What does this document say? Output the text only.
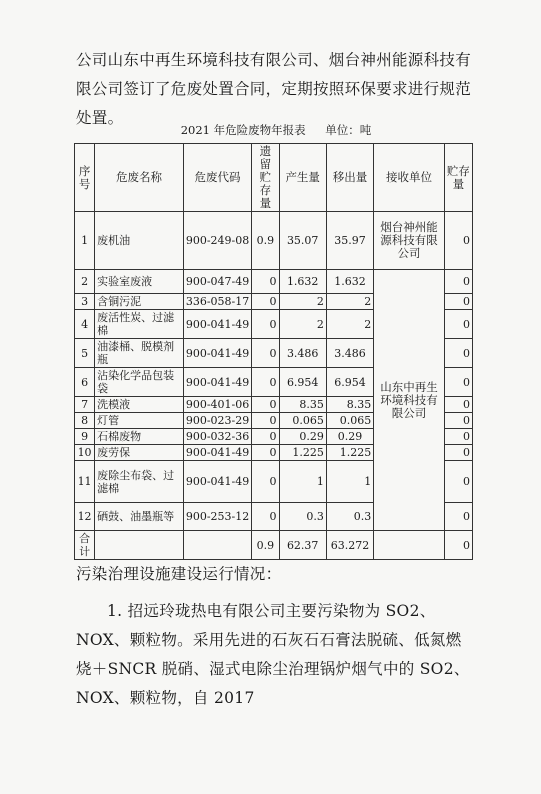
公司山东中再生环境科技有限公司、烟台神州能源科技有限公司签订了危废处置合同，定期按照环保要求进行规范处置。

2021 年危险废物年报表 单位：吨
序号	危废名称	危废代码	遗留贮存量	产生量	移出量	接收单位	贮存量
1	废机油	900-249-08	0.9	35.07	35.97	烟台神州能源科技有限公司	0
2	实验室废液	900-047-49	0	1.632	1.632	山东中再生环境科技有限公司	0
3	含铜污泥	336-058-17	0	2	2		0
4	废活性炭、过滤棉	900-041-49	0	2	2		0
5	油漆桶、脱模剂瓶	900-041-49	0	3.486	3.486		0
6	沾染化学品包装袋	900-041-49	0	6.954	6.954		0
7	洗模液	900-401-06	0	8.35	8.35		0
8	灯管	900-023-29	0	0.065	0.065		0
9	石棉废物	900-032-36	0	0.29	0.29		0
10	废劳保	900-041-49	0	1.225	1.225		0
11	废除尘布袋、过滤棉	900-041-49	0	1	1		0
12	硒鼓、油墨瓶等	900-253-12	0	0.3	0.3		0
合计			0.9	62.37	63.272		0

污染治理设施建设运行情况：

1. 招远玲珑热电有限公司主要污染物为 SO2、NOX、颗粒物。采用先进的石灰石石膏法脱硫、低氮燃烧＋SNCR 脱硝、湿式电除尘治理锅炉烟气中的 SO2、NOX、颗粒物，自 2017
